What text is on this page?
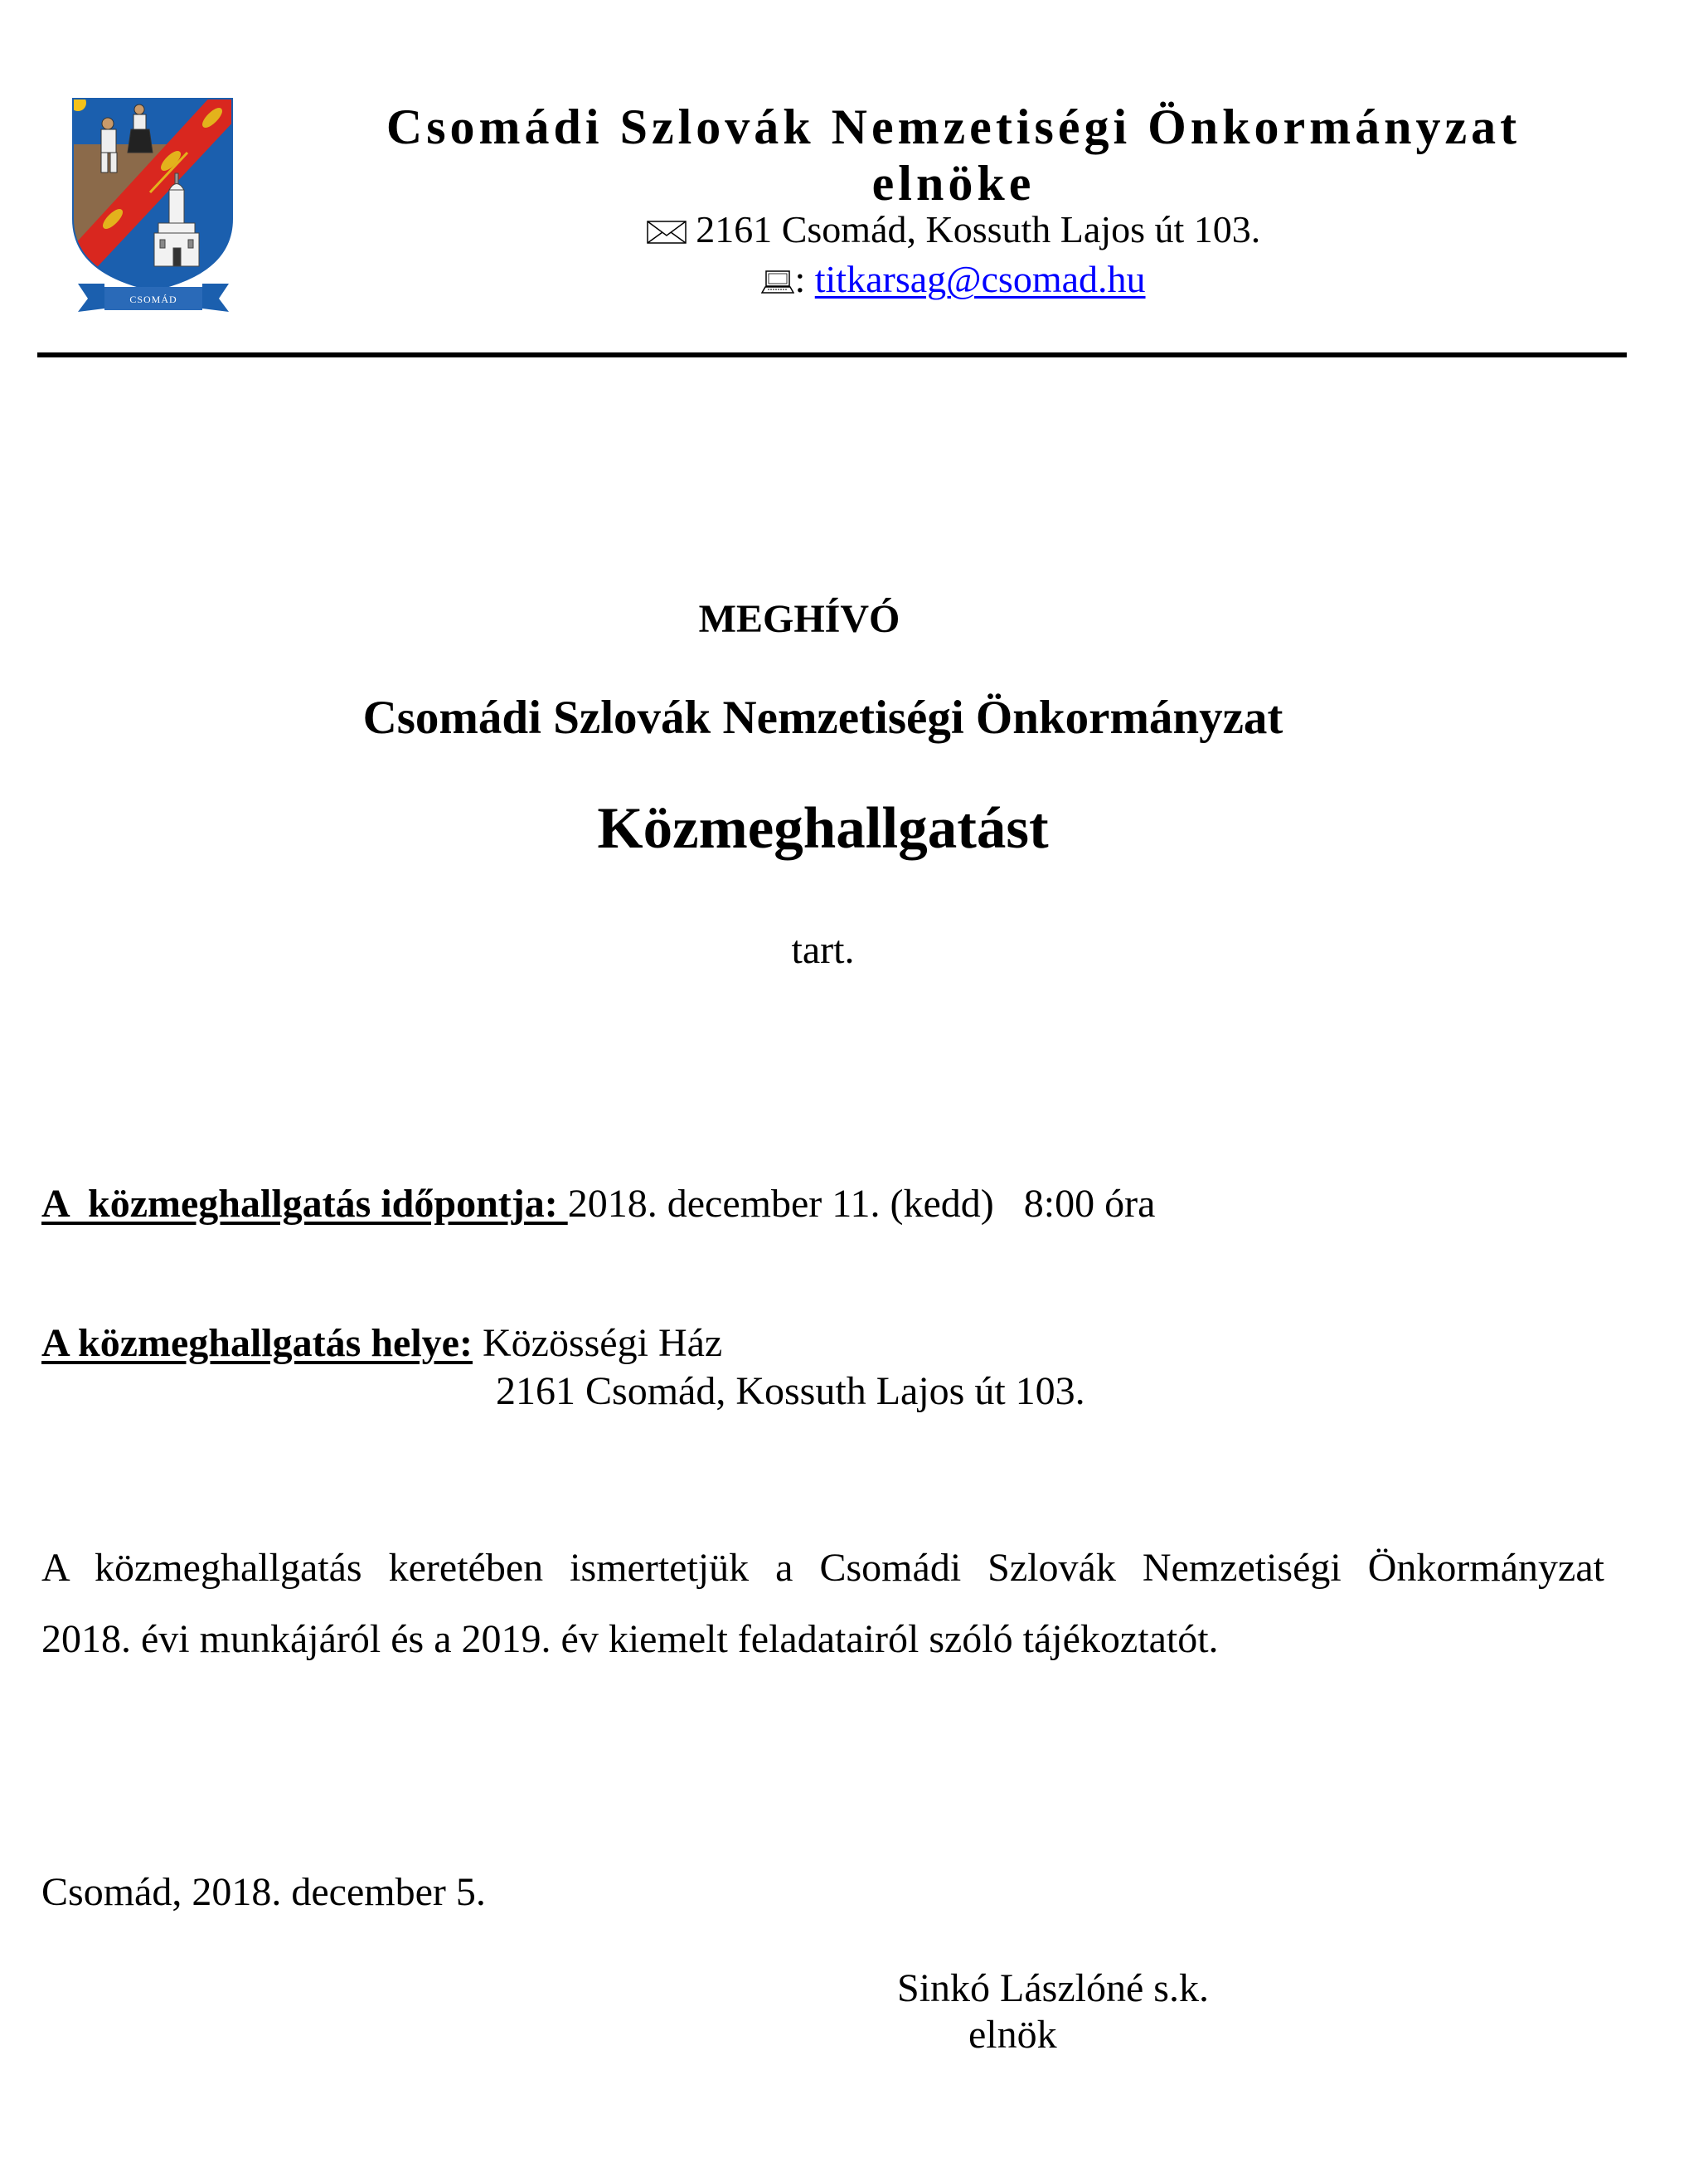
CSOMÁD
Csomádi Szlovák Nemzetiségi Önkormányzat
elnöke
2161 Csomád, Kossuth Lajos út 103.
: titkarsag@csomad.hu
MEGHÍVÓ
Csomádi Szlovák Nemzetiségi Önkormányzat
Közmeghallgatást
tart.
A  közmeghallgatás időpontja: 2018. december 11. (kedd)   8:00 óra
A közmeghallgatás helye: Közösségi Ház
2161 Csomád, Kossuth Lajos út 103.
A közmeghallgatás keretében ismertetjük a Csomádi Szlovák Nemzetiségi Önkormányzat
2018. évi munkájáról és a 2019. év kiemelt feladatairól szóló tájékoztatót.
Csomád, 2018. december 5.
Sinkó Lászlóné s.k.
elnök
